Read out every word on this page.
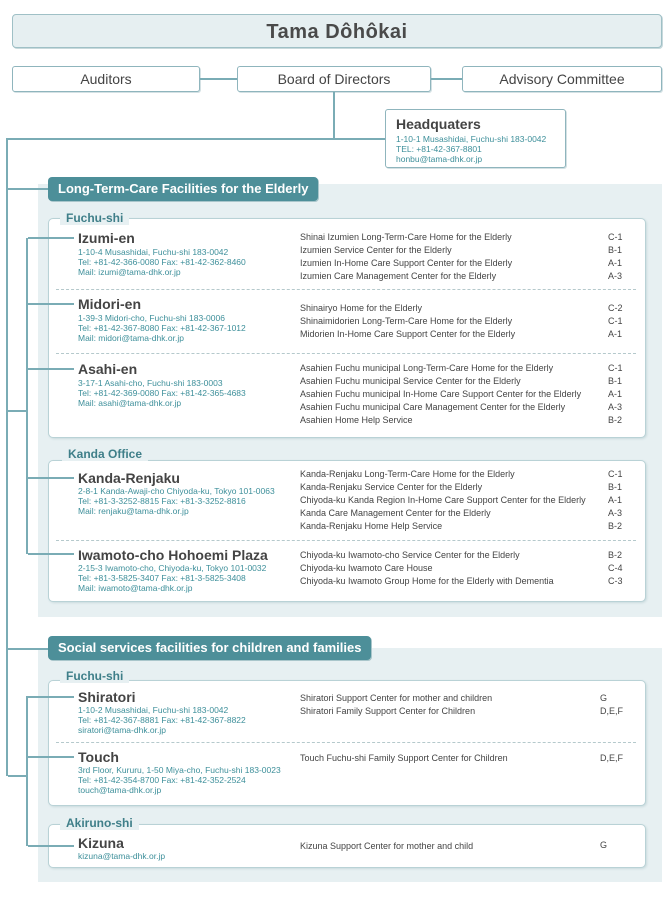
Tama Dôhôkai
Auditors	Board of Directors	Advisory Committee
Headquaters
1-10-1 Musashidai, Fuchu-shi 183-0042
TEL: +81-42-367-8801
honbu@tama-dhk.or.jp
Long-Term-Care Facilities for the Elderly
Fuchu-shi
Izumi-en
1-10-4 Musashidai, Fuchu-shi 183-0042
Tel: +81-42-366-0080 Fax: +81-42-362-8460
Mail: izumi@tama-dhk.or.jp
Shinai Izumien Long-Term-Care Home for the Elderly	C-1
Izumien Service Center for the Elderly	B-1
Izumien In-Home Care Support Center for the Elderly	A-1
Izumien Care Management Center for the Elderly	A-3
Midori-en
1-39-3 Midori-cho, Fuchu-shi 183-0006
Tel: +81-42-367-8080 Fax: +81-42-367-1012
Mail: midori@tama-dhk.or.jp
Shinairyo Home for the Elderly	C-2
Shinaimidorien Long-Term-Care Home for the Elderly	C-1
Midorien In-Home Care Support Center for the Elderly	A-1
Asahi-en
3-17-1 Asahi-cho, Fuchu-shi 183-0003
Tel: +81-42-369-0080 Fax: +81-42-365-4683
Mail: asahi@tama-dhk.or.jp
Asahien Fuchu municipal Long-Term-Care Home for the Elderly	C-1
Asahien Fuchu municipal Service Center for the Elderly	B-1
Asahien Fuchu municipal In-Home Care Support Center for the Elderly	A-1
Asahien Fuchu municipal Care Management Center for the Elderly	A-3
Asahien Home Help Service	B-2
Kanda Office
Kanda-Renjaku
2-8-1 Kanda-Awaji-cho Chiyoda-ku, Tokyo 101-0063
Tel: +81-3-3252-8815 Fax: +81-3-3252-8816
Mail: renjaku@tama-dhk.or.jp
Kanda-Renjaku Long-Term-Care Home for the Elderly	C-1
Kanda-Renjaku Service Center for the Elderly	B-1
Chiyoda-ku Kanda Region In-Home Care Support Center for the Elderly A-1
Kanda Care Management Center for the Elderly	A-3
Kanda-Renjaku Home Help Service	B-2
Iwamoto-cho Hohoemi Plaza
2-15-3 Iwamoto-cho, Chiyoda-ku, Tokyo 101-0032
Tel: +81-3-5825-3407 Fax: +81-3-5825-3408
Mail: iwamoto@tama-dhk.or.jp
Chiyoda-ku Iwamoto-cho Service Center for the Elderly	B-2
Chiyoda-ku Iwamoto Care House	C-4
Chiyoda-ku Iwamoto Group Home for the Elderly with Dementia	C-3
Social services facilities for children and families
Fuchu-shi
Shiratori
1-10-2 Musashidai, Fuchu-shi 183-0042
Tel: +81-42-367-8881 Fax: +81-42-367-8822
siratori@tama-dhk.or.jp
Shiratori Support Center for mother and children	G
Shiratori Family Support Center for Children	D,E,F
Touch
3rd Floor, Kururu, 1-50 Miya-cho, Fuchu-shi 183-0023
Tel: +81-42-354-8700 Fax: +81-42-352-2524
touch@tama-dhk.or.jp
Touch Fuchu-shi Family Support Center for Children	D,E,F
Akiruno-shi
Kizuna
kizuna@tama-dhk.or.jp
Kizuna Support Center for mother and child	G
